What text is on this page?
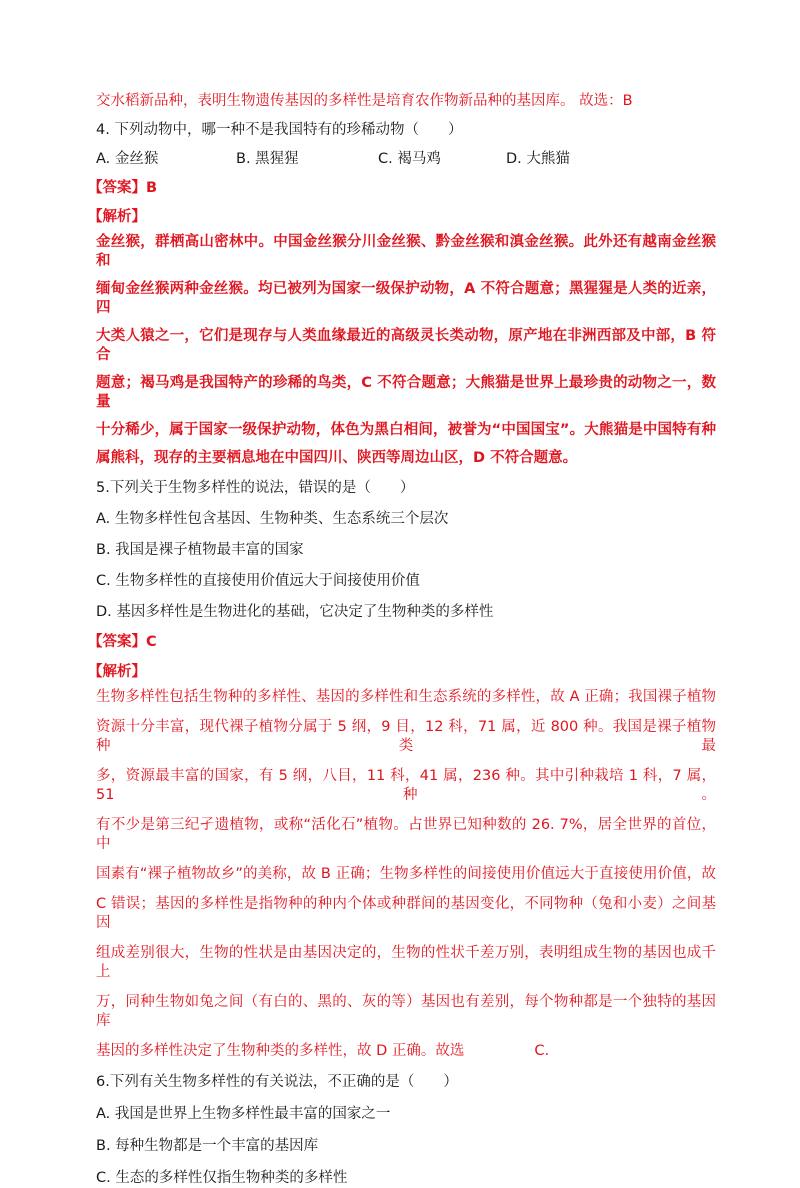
交水稻新品种，表明生物遗传基因的多样性是培育农作物新品种的基因库。 故选：B

4. 下列动物中，哪一种不是我国特有的珍稀动物（　　）

A. 金丝猴	B. 黑猩猩	C. 褐马鸡	D. 大熊猫

【答案】B

【解析】

金丝猴，群栖高山密林中。中国金丝猴分川金丝猴、黔金丝猴和滇金丝猴。此外还有越南金丝猴和

缅甸金丝猴两种金丝猴。均已被列为国家一级保护动物，A 不符合题意；黑猩猩是人类的近亲，四

大类人猿之一，它们是现存与人类血缘最近的高级灵长类动物，原产地在非洲西部及中部，B 符合

题意；褐马鸡是我国特产的珍稀的鸟类，C 不符合题意；大熊猫是世界上最珍贵的动物之一，数量

十分稀少，属于国家一级保护动物，体色为黑白相间，被誉为“中国国宝”。大熊猫是中国特有种

属熊科，现存的主要栖息地在中国四川、陕西等周边山区，D 不符合题意。

5.下列关于生物多样性的说法，错误的是（　　）

A. 生物多样性包含基因、生物种类、生态系统三个层次

B. 我国是裸子植物最丰富的国家

C. 生物多样性的直接使用价值远大于间接使用价值

D. 基因多样性是生物进化的基础，它决定了生物种类的多样性

【答案】C

【解析】

生物多样性包括生物种的多样性、基因的多样性和生态系统的多样性，故 A 正确；我国裸子植物

资源十分丰富，现代裸子植物分属于 5 纲，9 目，12 科，71 属，近 800 种。我国是裸子植物种类最

多，资源最丰富的国家，有 5 纲，八目，11 科，41 属，236 种。其中引种栽培 1 科，7 属，51 种。

有不少是第三纪孑遗植物，或称“活化石”植物。占世界已知种数的 26. 7%，居全世界的首位，中

国素有“裸子植物故乡”的美称，故 B 正确；生物多样性的间接使用价值远大于直接使用价值，故

C 错误；基因的多样性是指物种的种内个体或种群间的基因变化，不同物种（兔和小麦）之间基因

组成差别很大，生物的性状是由基因决定的，生物的性状千差万别，表明组成生物的基因也成千上

万，同种生物如兔之间（有白的、黑的、灰的等）基因也有差别，每个物种都是一个独特的基因库

基因的多样性决定了生物种类的多样性，故 D 正确。故选	C.

6.下列有关生物多样性的有关说法，不正确的是（　　）

A. 我国是世界上生物多样性最丰富的国家之一

B. 每种生物都是一个丰富的基因库

C. 生态的多样性仅指生物种类的多样性
